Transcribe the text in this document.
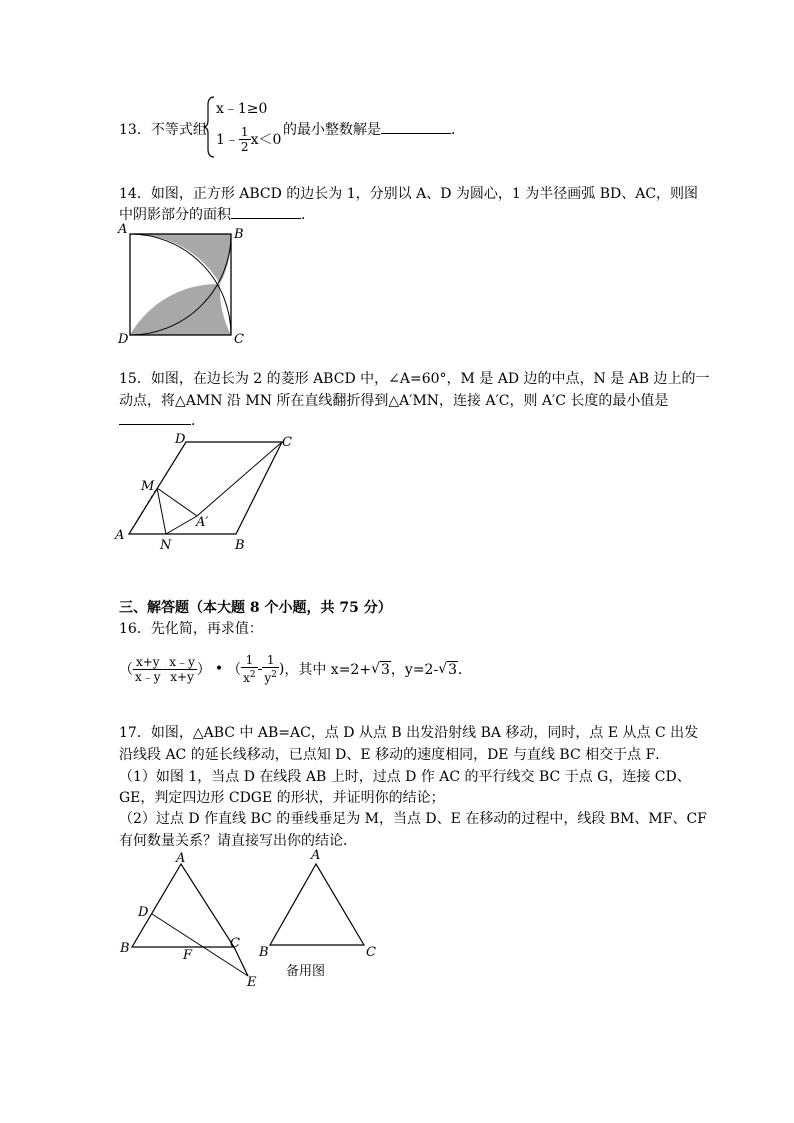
13．不等式组
x﹣1≥0
1﹣ $\frac{1}{2} x<0$
的最小整数解是	．
14．如图，正方形 ABCD 的边长为 1，分别以 A、D 为圆心，1 为半径画弧 BD、AC，则图
中阴影部分的面积	．
A	B
C
D
15．如图，在边长为 2 的菱形 ABCD 中，∠A=60°，M 是 AD 边的中点，N 是 AB 边上的一
动点，将△AMN 沿 MN 所在直线翻折得到△A′MN，连接 A′C，则 A′C 长度的最小值是
．
A
B
C
D
M
N
A′
三、解答题（本大题 8 个小题，共 75 分）
16．先化简，再求值：
（ $\frac{x+y}{x﹣y} - \frac{x﹣y}{x+y}$ ） • （ $\frac{1}{x^2} - \frac{1}{y^2}$ ) ，其中 x=2+ √ 3 ，y=2- √ 3 ．
17．如图，△ABC 中 AB=AC，点 D 从点 B 出发沿射线 BA 移动，同时，点 E 从点 C 出发
沿线段 AC 的延长线移动，已点知 D、E 移动的速度相同，DE 与直线 BC 相交于点 F．
（1）如图 1，当点 D 在线段 AB 上时，过点 D 作 AC 的平行线交 BC 于点 G，连接 CD、
GE，判定四边形 CDGE 的形状，并证明你的结论；
（2）过点 D 作直线 BC 的垂线垂足为 M，当点 D、E 在移动的过程中，线段 BM、MF、CF
有何数量关系？请直接写出你的结论．
A
B	C
D
E
F
A
B	C
备用图
